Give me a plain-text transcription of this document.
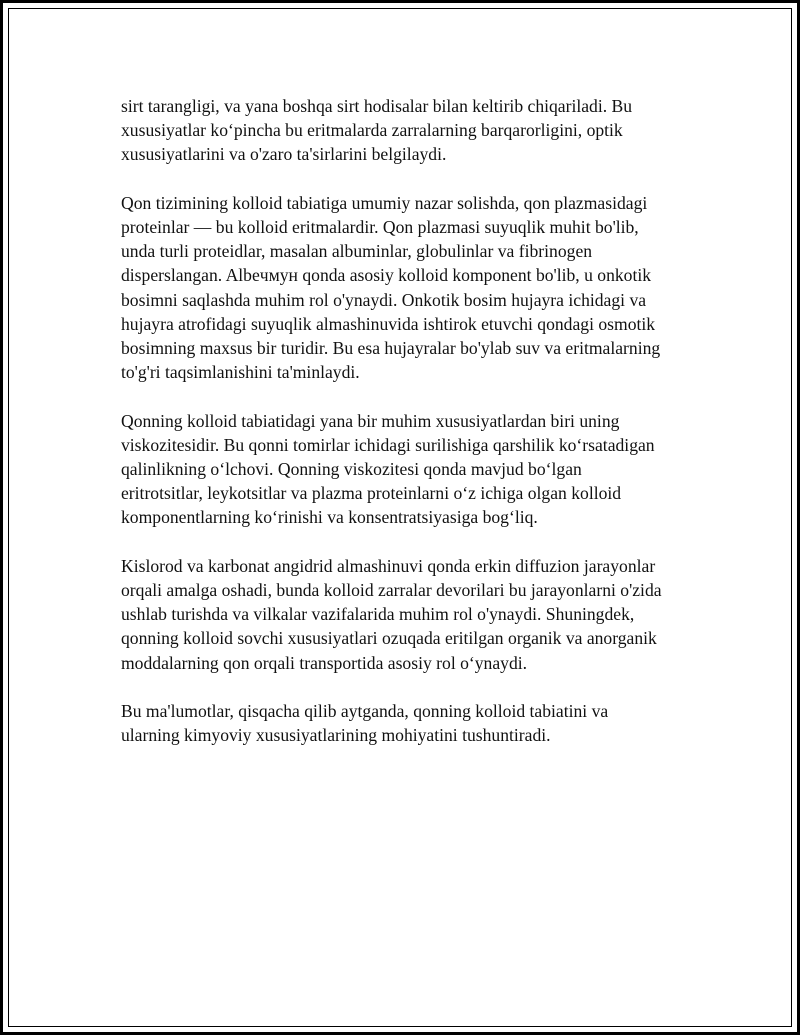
sirt tarangligi, va yana boshqa sirt hodisalar bilan keltirib chiqariladi. Bu
xususiyatlar ko‘pincha bu eritmalarda zarralarning barqarorligini, optik
xususiyatlarini va o'zaro ta'sirlarini belgilaydi.

Qon tizimining kolloid tabiatiga umumiy nazar solishda, qon plazmasidagi
proteinlar — bu kolloid eritmalardir. Qon plazmasi suyuqlik muhit bo'lib,
unda turli proteidlar, masalan albuminlar, globulinlar va fibrinogen
disperslangan. Albeчмун qonda asosiy kolloid komponent bo'lib, u onkotik
bosimni saqlashda muhim rol o'ynaydi. Onkotik bosim hujayra ichidagi va
hujayra atrofidagi suyuqlik almashinuvida ishtirok etuvchi qondagi osmotik
bosimning maxsus bir turidir. Bu esa hujayralar bo'ylab suv va eritmalarning
to'g'ri taqsimlanishini ta'minlaydi.

Qonning kolloid tabiatidagi yana bir muhim xususiyatlardan biri uning
viskozitesidir. Bu qonni tomirlar ichidagi surilishiga qarshilik ko‘rsatadigan
qalinlikning o‘lchovi. Qonning viskozitesi qonda mavjud bo‘lgan
eritrotsitlar, leykotsitlar va plazma proteinlarni o‘z ichiga olgan kolloid
komponentlarning ko‘rinishi va konsentratsiyasiga bog‘liq.

Kislorod va karbonat angidrid almashinuvi qonda erkin diffuzion jarayonlar
orqali amalga oshadi, bunda kolloid zarralar devorilari bu jarayonlarni o'zida
ushlab turishda va vilkalar vazifalarida muhim rol o'ynaydi. Shuningdek,
qonning kolloid sovchi xususiyatlari ozuqada eritilgan organik va anorganik
moddalarning qon orqali transportida asosiy rol o‘ynaydi.

Bu ma'lumotlar, qisqacha qilib aytganda, qonning kolloid tabiatini va
ularning kimyoviy xususiyatlarining mohiyatini tushuntiradi.
